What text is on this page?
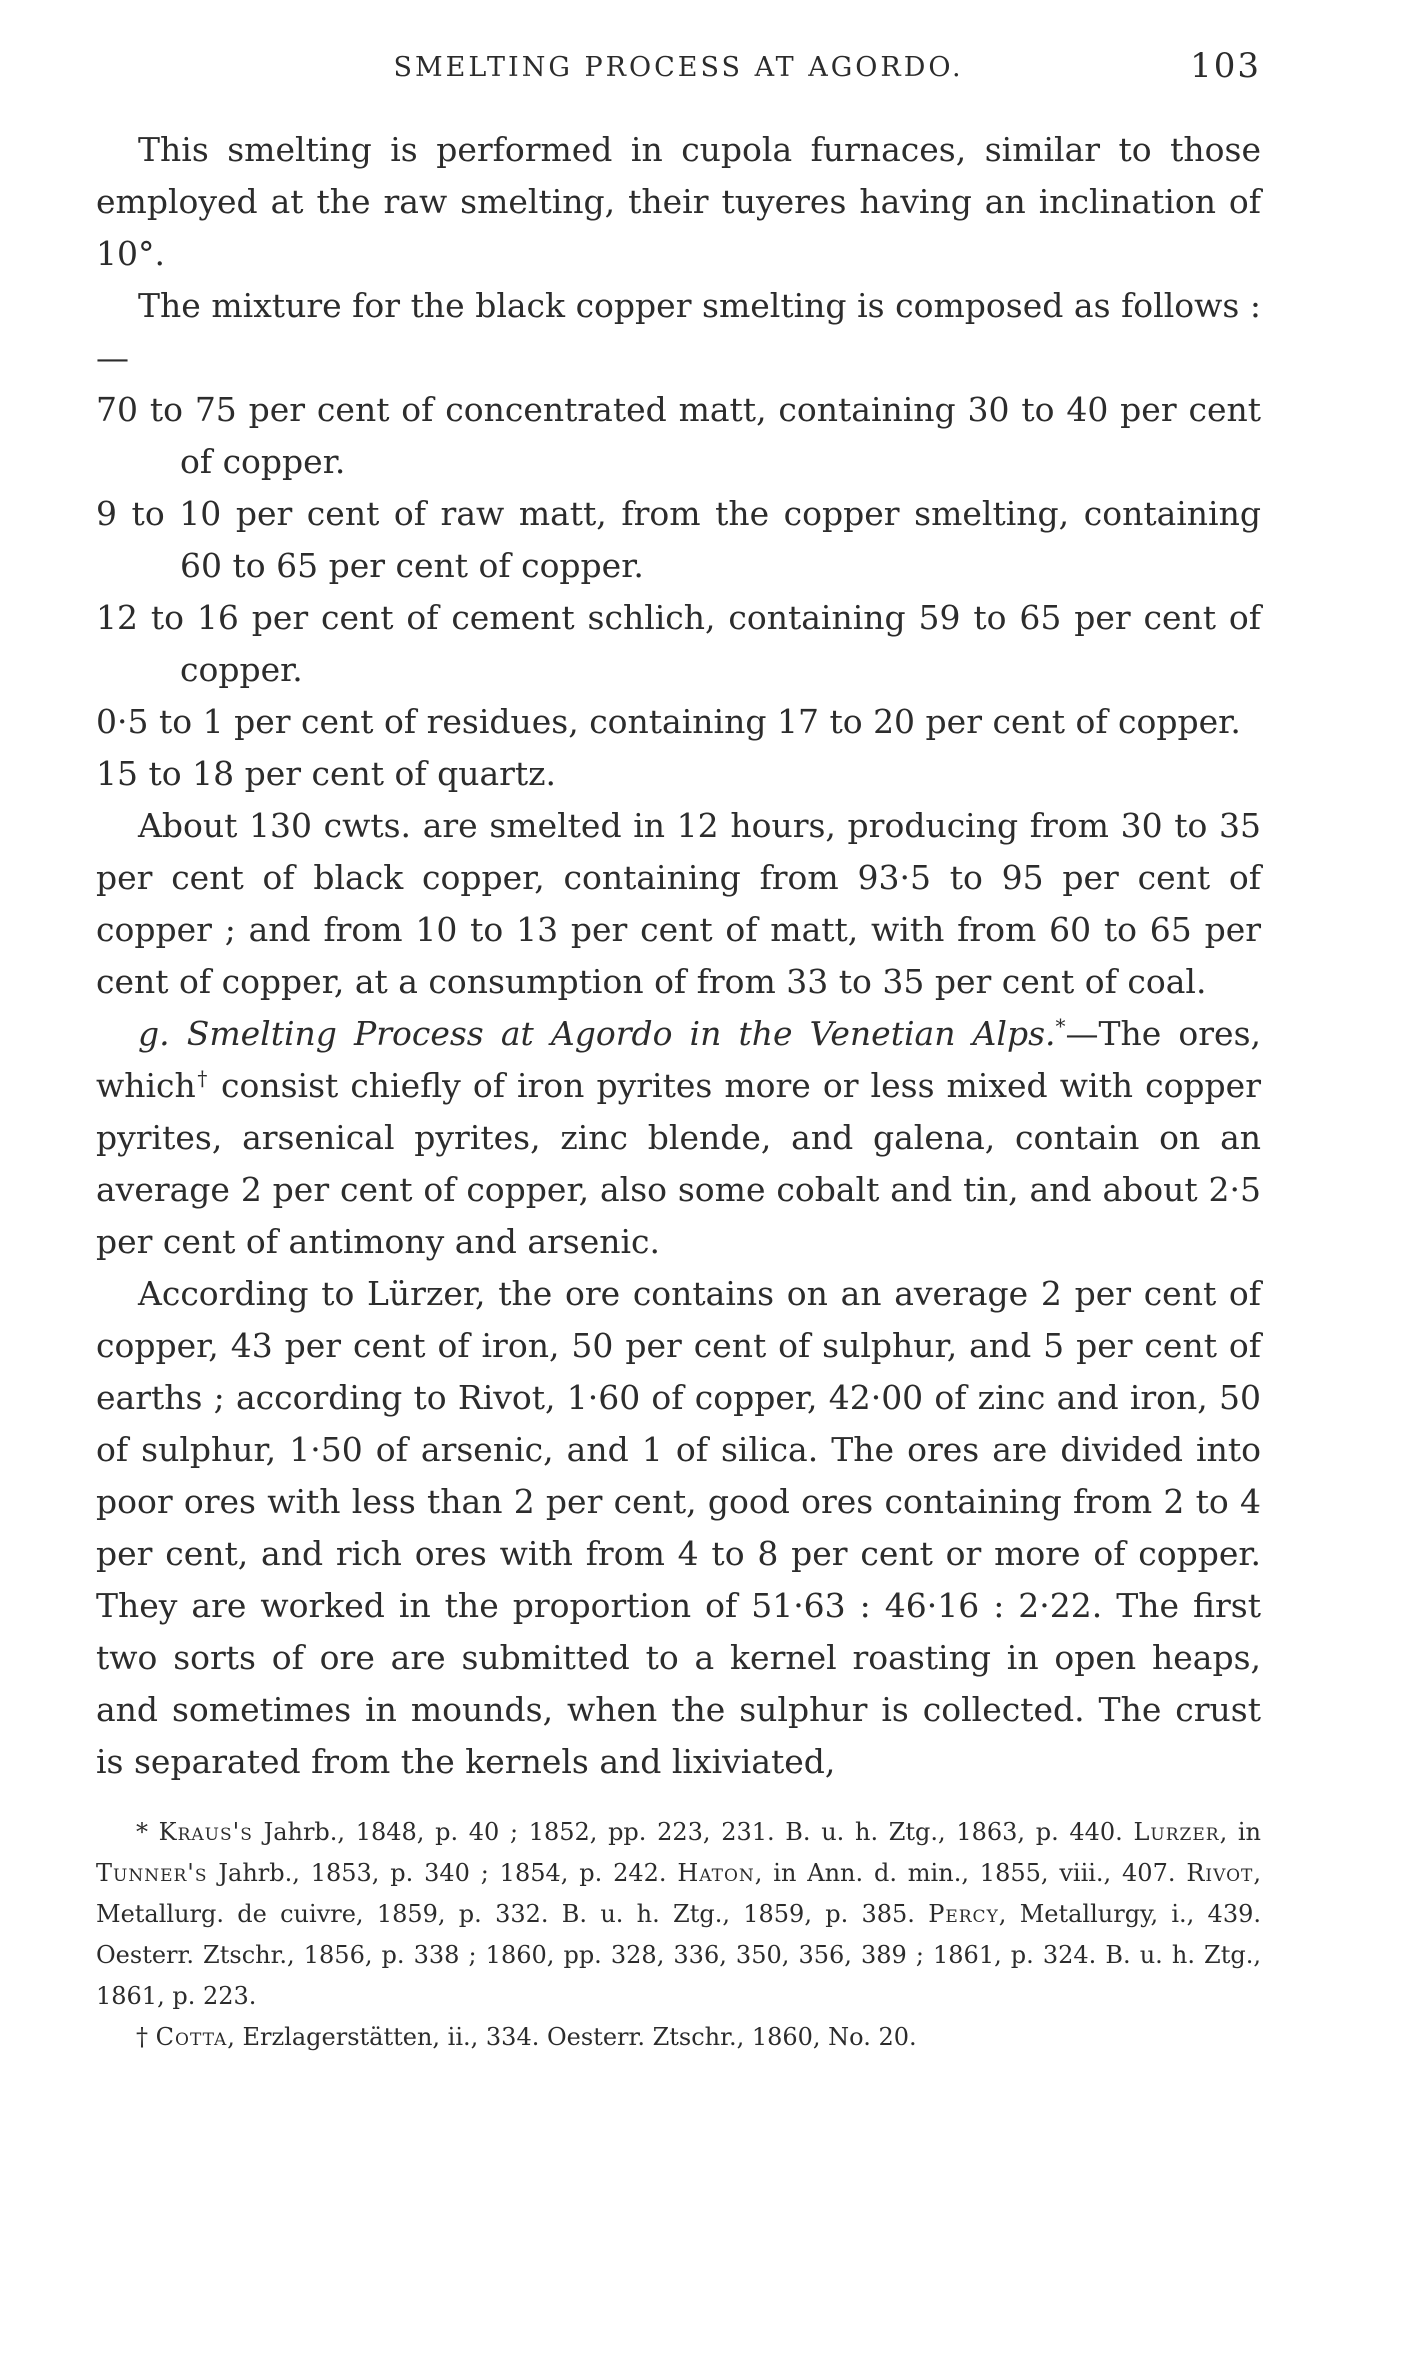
SMELTING PROCESS AT AGORDO.	103

This smelting is performed in cupola furnaces, similar to those employed at the raw smelting, their tuyeres having an inclination of 10°.

The mixture for the black copper smelting is composed as follows :—

70 to 75 per cent of concentrated matt, containing 30 to 40 per cent of copper.

9 to 10 per cent of raw matt, from the copper smelting, containing 60 to 65 per cent of copper.

12 to 16 per cent of cement schlich, containing 59 to 65 per cent of copper.

0·5 to 1 per cent of residues, containing 17 to 20 per cent of copper.

15 to 18 per cent of quartz.

About 130 cwts. are smelted in 12 hours, producing from 30 to 35 per cent of black copper, containing from 93·5 to 95 per cent of copper ; and from 10 to 13 per cent of matt, with from 60 to 65 per cent of copper, at a consumption of from 33 to 35 per cent of coal.

g. Smelting Process at Agordo in the Venetian Alps.*—The ores, which† consist chiefly of iron pyrites more or less mixed with copper pyrites, arsenical pyrites, zinc blende, and galena, contain on an average 2 per cent of copper, also some cobalt and tin, and about 2·5 per cent of antimony and arsenic.

According to Lürzer, the ore contains on an average 2 per cent of copper, 43 per cent of iron, 50 per cent of sulphur, and 5 per cent of earths ; according to Rivot, 1·60 of copper, 42·00 of zinc and iron, 50 of sulphur, 1·50 of arsenic, and 1 of silica. The ores are divided into poor ores with less than 2 per cent, good ores containing from 2 to 4 per cent, and rich ores with from 4 to 8 per cent or more of copper. They are worked in the proportion of 51·63 : 46·16 : 2·22. The first two sorts of ore are submitted to a kernel roasting in open heaps, and sometimes in mounds, when the sulphur is collected. The crust is separated from the kernels and lixiviated,

* Kraus's Jahrb., 1848, p. 40 ; 1852, pp. 223, 231. B. u. h. Ztg., 1863, p. 440. Lurzer, in Tunner's Jahrb., 1853, p. 340 ; 1854, p. 242. Haton, in Ann. d. min., 1855, viii., 407. Rivot, Metallurg. de cuivre, 1859, p. 332. B. u. h. Ztg., 1859, p. 385. Percy, Metallurgy, i., 439. Oesterr. Ztschr., 1856, p. 338 ; 1860, pp. 328, 336, 350, 356, 389 ; 1861, p. 324. B. u. h. Ztg., 1861, p. 223.

† Cotta, Erzlagerstätten, ii., 334. Oesterr. Ztschr., 1860, No. 20.
